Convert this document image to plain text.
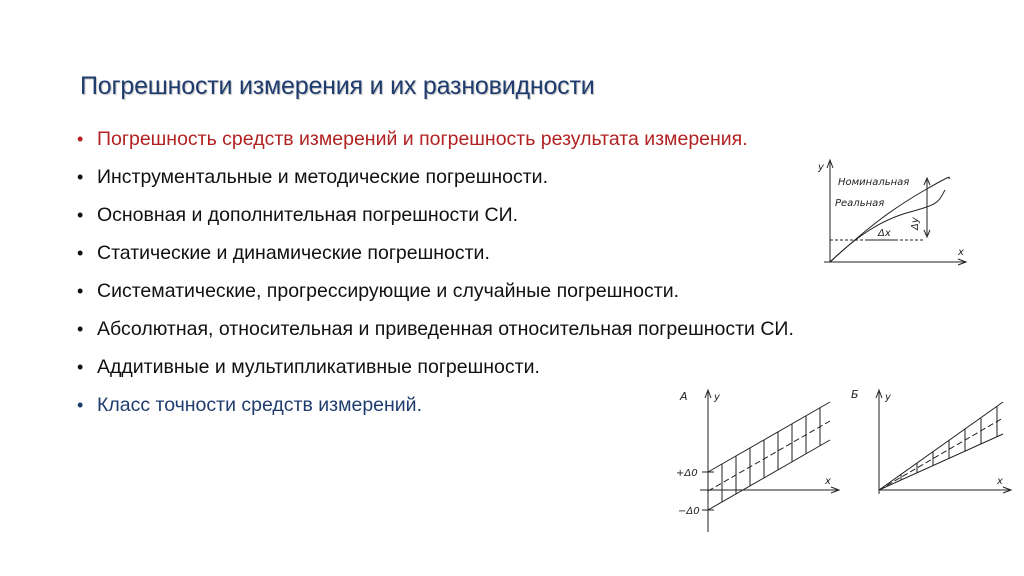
Погрешности измерения и их разновидности
• Погрешность средств измерений и погрешность результата измерения.
• Инструментальные и методические погрешности.
• Основная и дополнительная погрешности СИ.
• Статические и динамические погрешности.
• Систематические, прогрессирующие и случайные погрешности.
• Абсолютная, относительная и приведенная относительная погрешности СИ.
• Аддитивные и мультипликативные погрешности.
• Класс точности средств измерений.
y
x
Номинальная
Реальная
Δx
Δy
А	y
x
+Δ0
−Δ0
Б	y
x
